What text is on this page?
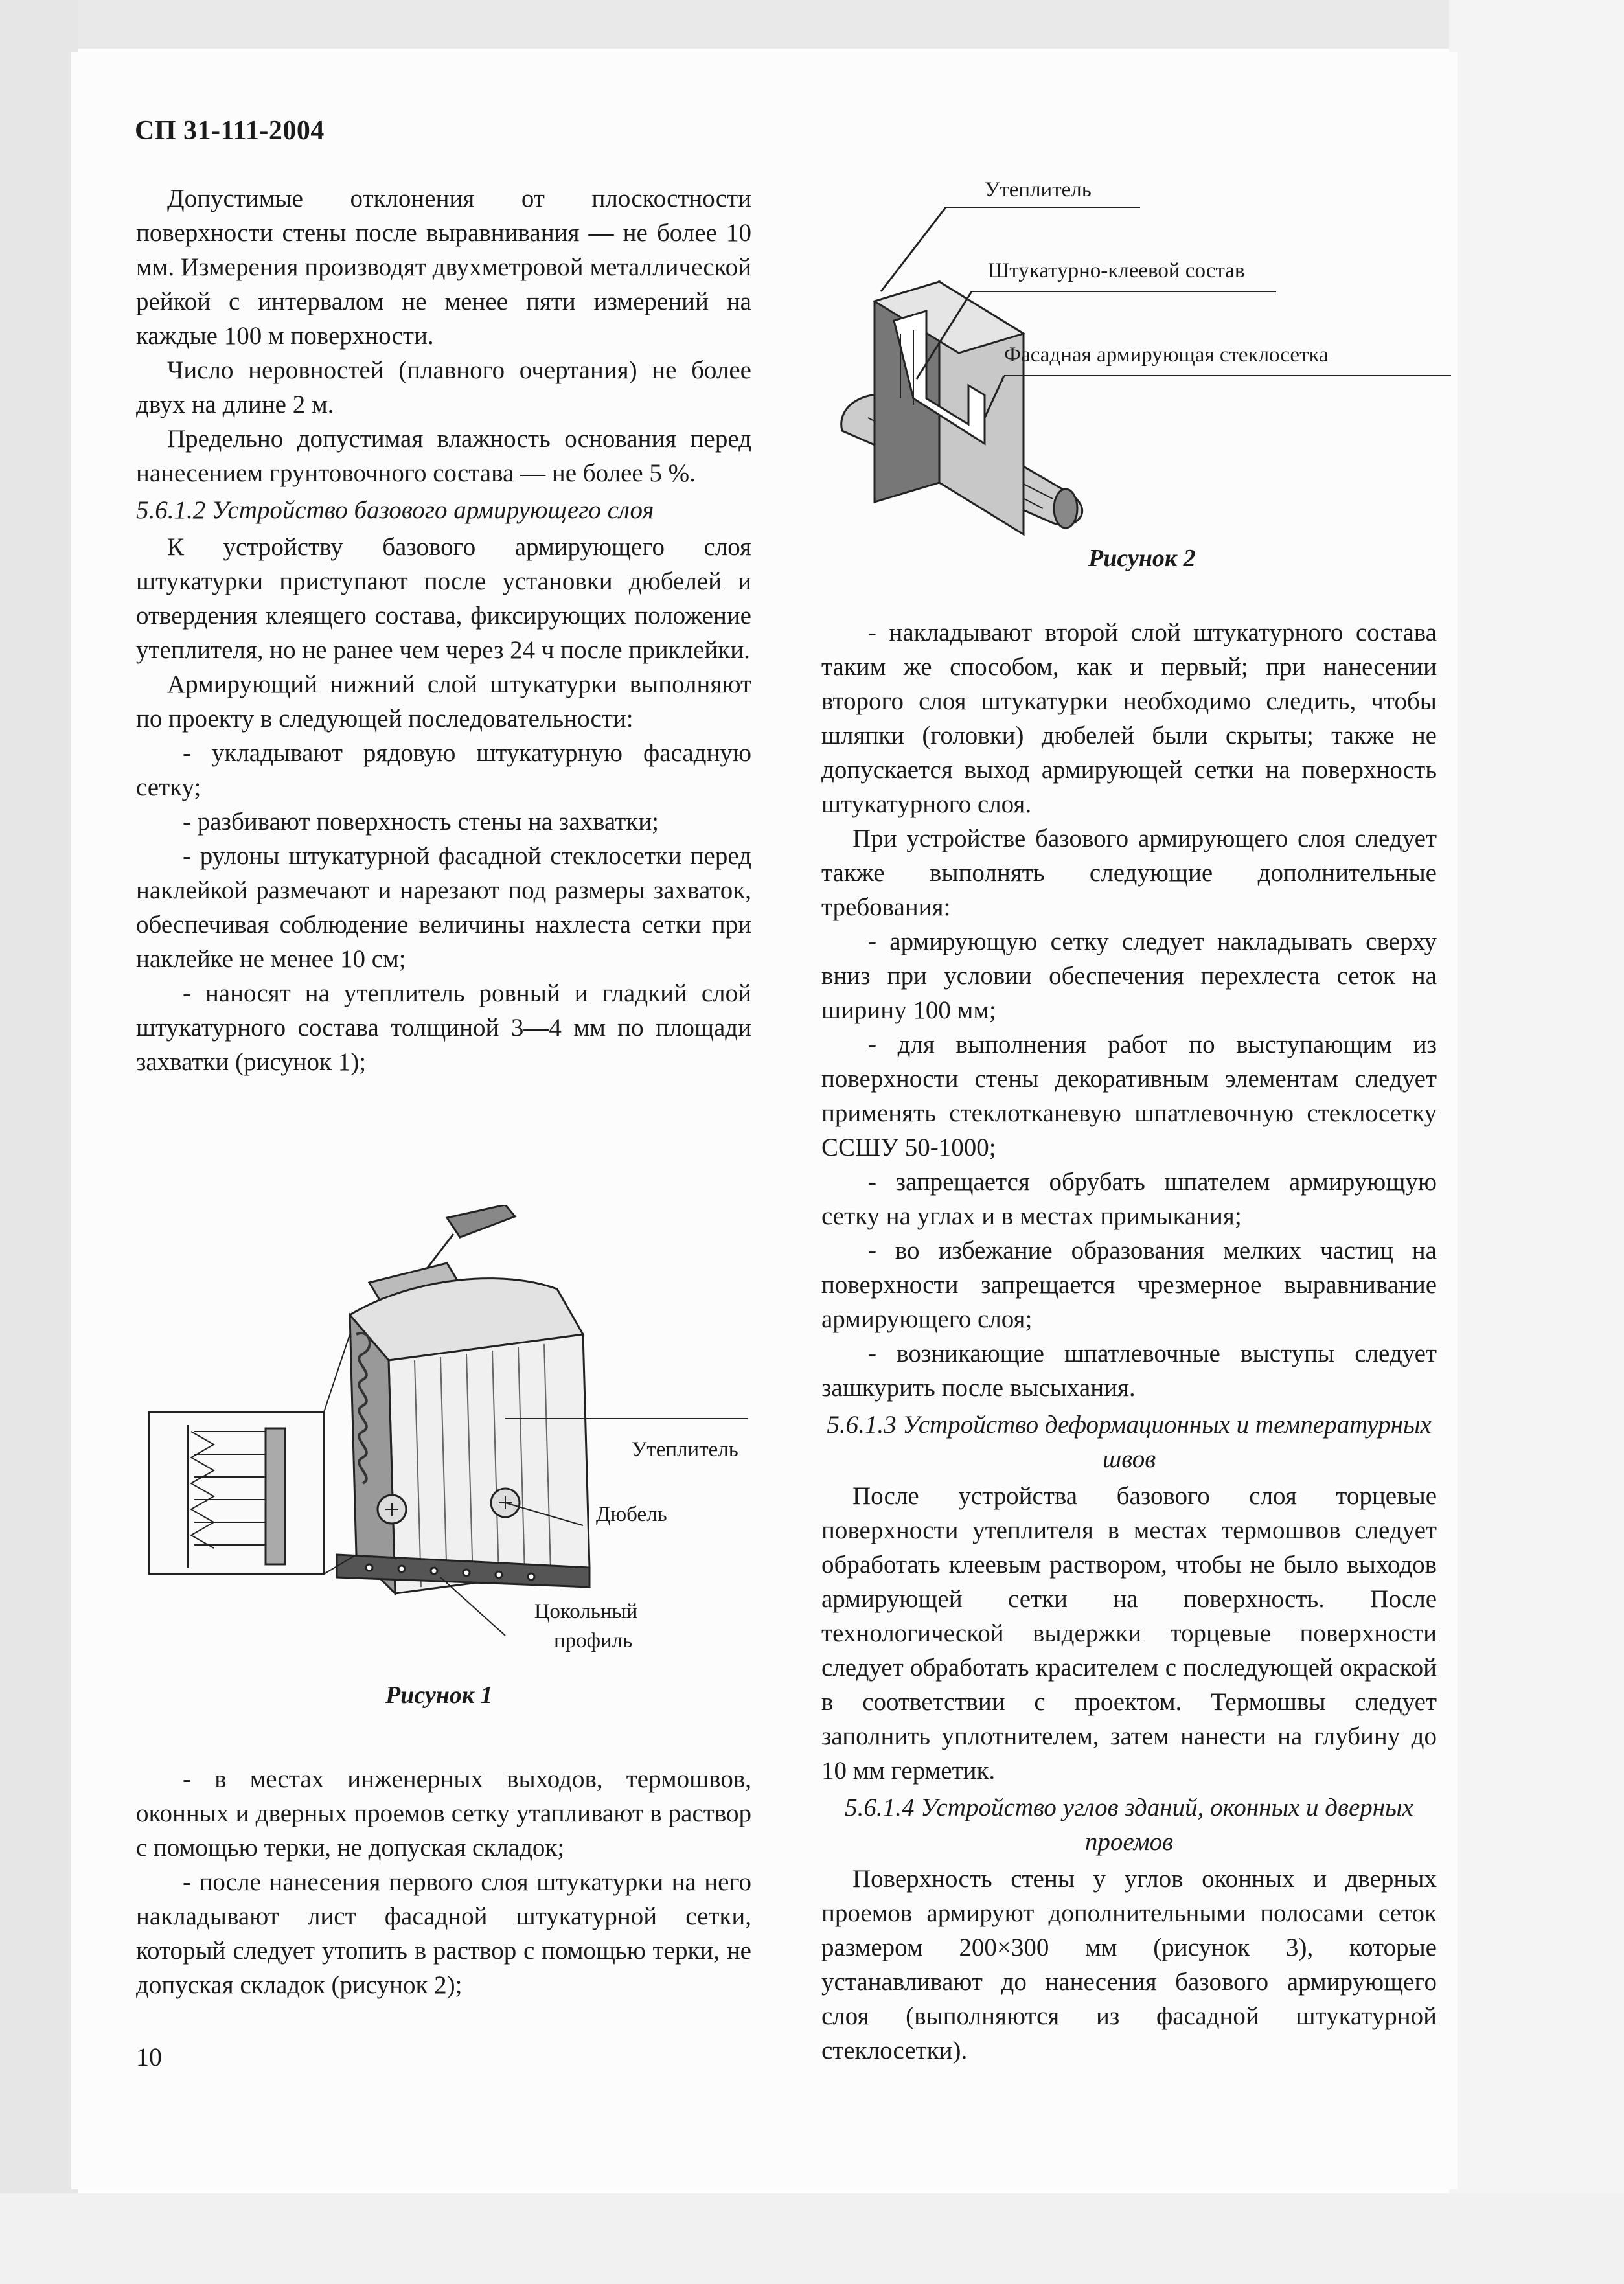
СП 31-111-2004

Допустимые отклонения от плоскостности поверхности стены после выравнивания — не более 10 мм. Измерения производят двухметровой металлической рейкой с интервалом не менее пяти измерений на каждые 100 м поверхности.

Число неровностей (плавного очертания) не более двух на длине 2 м.

Предельно допустимая влажность основания перед нанесением грунтовочного состава — не более 5 %.

5.6.1.2 Устройство базового армирующего слоя

К устройству базового армирующего слоя штукатурки приступают после установки дюбелей и отвердения клеящего состава, фиксирующих положение утеплителя, но не ранее чем через 24 ч после приклейки.

Армирующий нижний слой штукатурки выполняют по проекту в следующей последовательности:

- укладывают рядовую штукатурную фасадную сетку;

- разбивают поверхность стены на захватки;

- рулоны штукатурной фасадной стеклосетки перед наклейкой размечают и нарезают под размеры захваток, обеспечивая соблюдение величины нахлеста сетки при наклейке не менее 10 см;

- наносят на утеплитель ровный и гладкий слой штукатурного состава толщиной 3—4 мм по площади захватки (рисунок 1);

Утеплитель
Дюбель
Цокольный
профиль
Рисунок 1

- в местах инженерных выходов, термошвов, оконных и дверных проемов сетку утапливают в раствор с помощью терки, не допуская складок;

- после нанесения первого слоя штукатурки на него накладывают лист фасадной штукатурной сетки, который следует утопить в раствор с помощью терки, не допуская складок (рисунок 2);

Утеплитель
Штукатурно-клеевой состав
Фасадная армирующая стеклосетка
Рисунок 2

- накладывают второй слой штукатурного состава таким же способом, как и первый; при нанесении второго слоя штукатурки необходимо следить, чтобы шляпки (головки) дюбелей были скрыты; также не допускается выход армирующей сетки на поверхность штукатурного слоя.

При устройстве базового армирующего слоя следует также выполнять следующие дополнительные требования:

- армирующую сетку следует накладывать сверху вниз при условии обеспечения перехлеста сеток на ширину 100 мм;

- для выполнения работ по выступающим из поверхности стены декоративным элементам следует применять стеклотканевую шпатлевочную стеклосетку ССШУ 50-1000;

- запрещается обрубать шпателем армирующую сетку на углах и в местах примыкания;

- во избежание образования мелких частиц на поверхности запрещается чрезмерное выравнивание армирующего слоя;

- возникающие шпатлевочные выступы следует зашкурить после высыхания.

5.6.1.3 Устройство деформационных и температурных швов

После устройства базового слоя торцевые поверхности утеплителя в местах термошвов следует обработать клеевым раствором, чтобы не было выходов армирующей сетки на поверхность. После технологической выдержки торцевые поверхности следует обработать красителем с последующей окраской в соответствии с проектом. Термошвы следует заполнить уплотнителем, затем нанести на глубину до 10 мм герметик.

5.6.1.4 Устройство углов зданий, оконных и дверных проемов

Поверхность стены у углов оконных и дверных проемов армируют дополнительными полосами сеток размером 200×300 мм (рисунок 3), которые устанавливают до нанесения базового армирующего слоя (выполняются из фасадной штукатурной стеклосетки).

10
